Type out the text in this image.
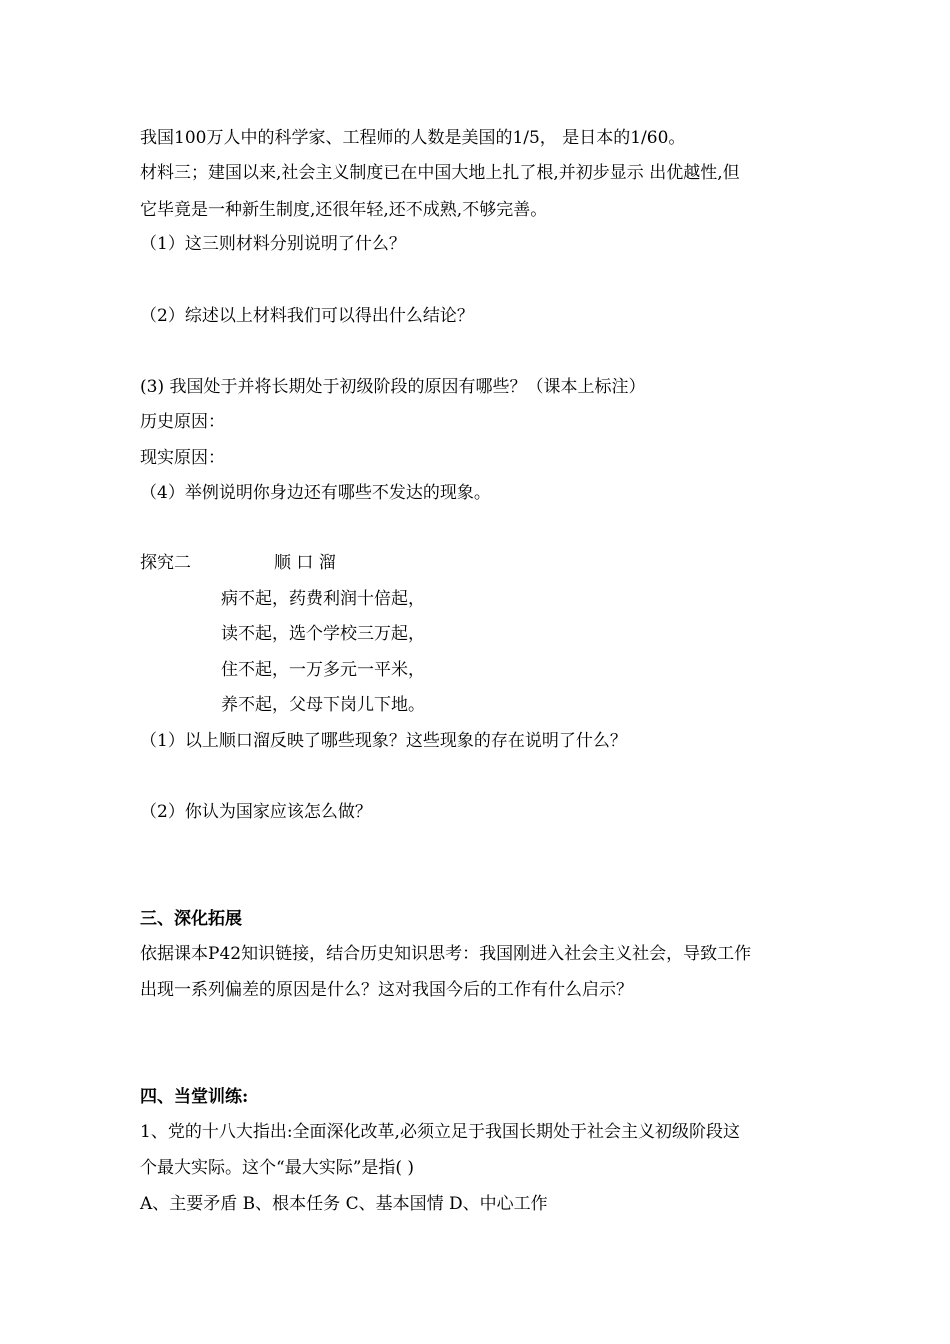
我国100万人中的科学家、工程师的人数是美国的1/5， 是日本的1/60。
材料三；建国以来,社会主义制度已在中国大地上扎了根,并初步显示 出优越性,但
它毕竟是一种新生制度,还很年轻,还不成熟,不够完善。
（1）这三则材料分别说明了什么？
（2）综述以上材料我们可以得出什么结论？
(3) 我国处于并将长期处于初级阶段的原因有哪些？（课本上标注）
历史原因：
现实原因：
（4）举例说明你身边还有哪些不发达的现象。
探究二	顺 口 溜
病不起，药费利润十倍起，
读不起，选个学校三万起，
住不起，一万多元一平米，
养不起，父母下岗儿下地。
（1）以上顺口溜反映了哪些现象？这些现象的存在说明了什么？
（2）你认为国家应该怎么做？
三、深化拓展
依据课本P42知识链接，结合历史知识思考：我国刚进入社会主义社会，导致工作
出现一系列偏差的原因是什么？这对我国今后的工作有什么启示？
四、当堂训练:
1、党的十八大指出:全面深化改革,必须立足于我国长期处于社会主义初级阶段这
个最大实际。这个“最大实际”是指( )
A、主要矛盾 B、根本任务 C、基本国情 D、中心工作
